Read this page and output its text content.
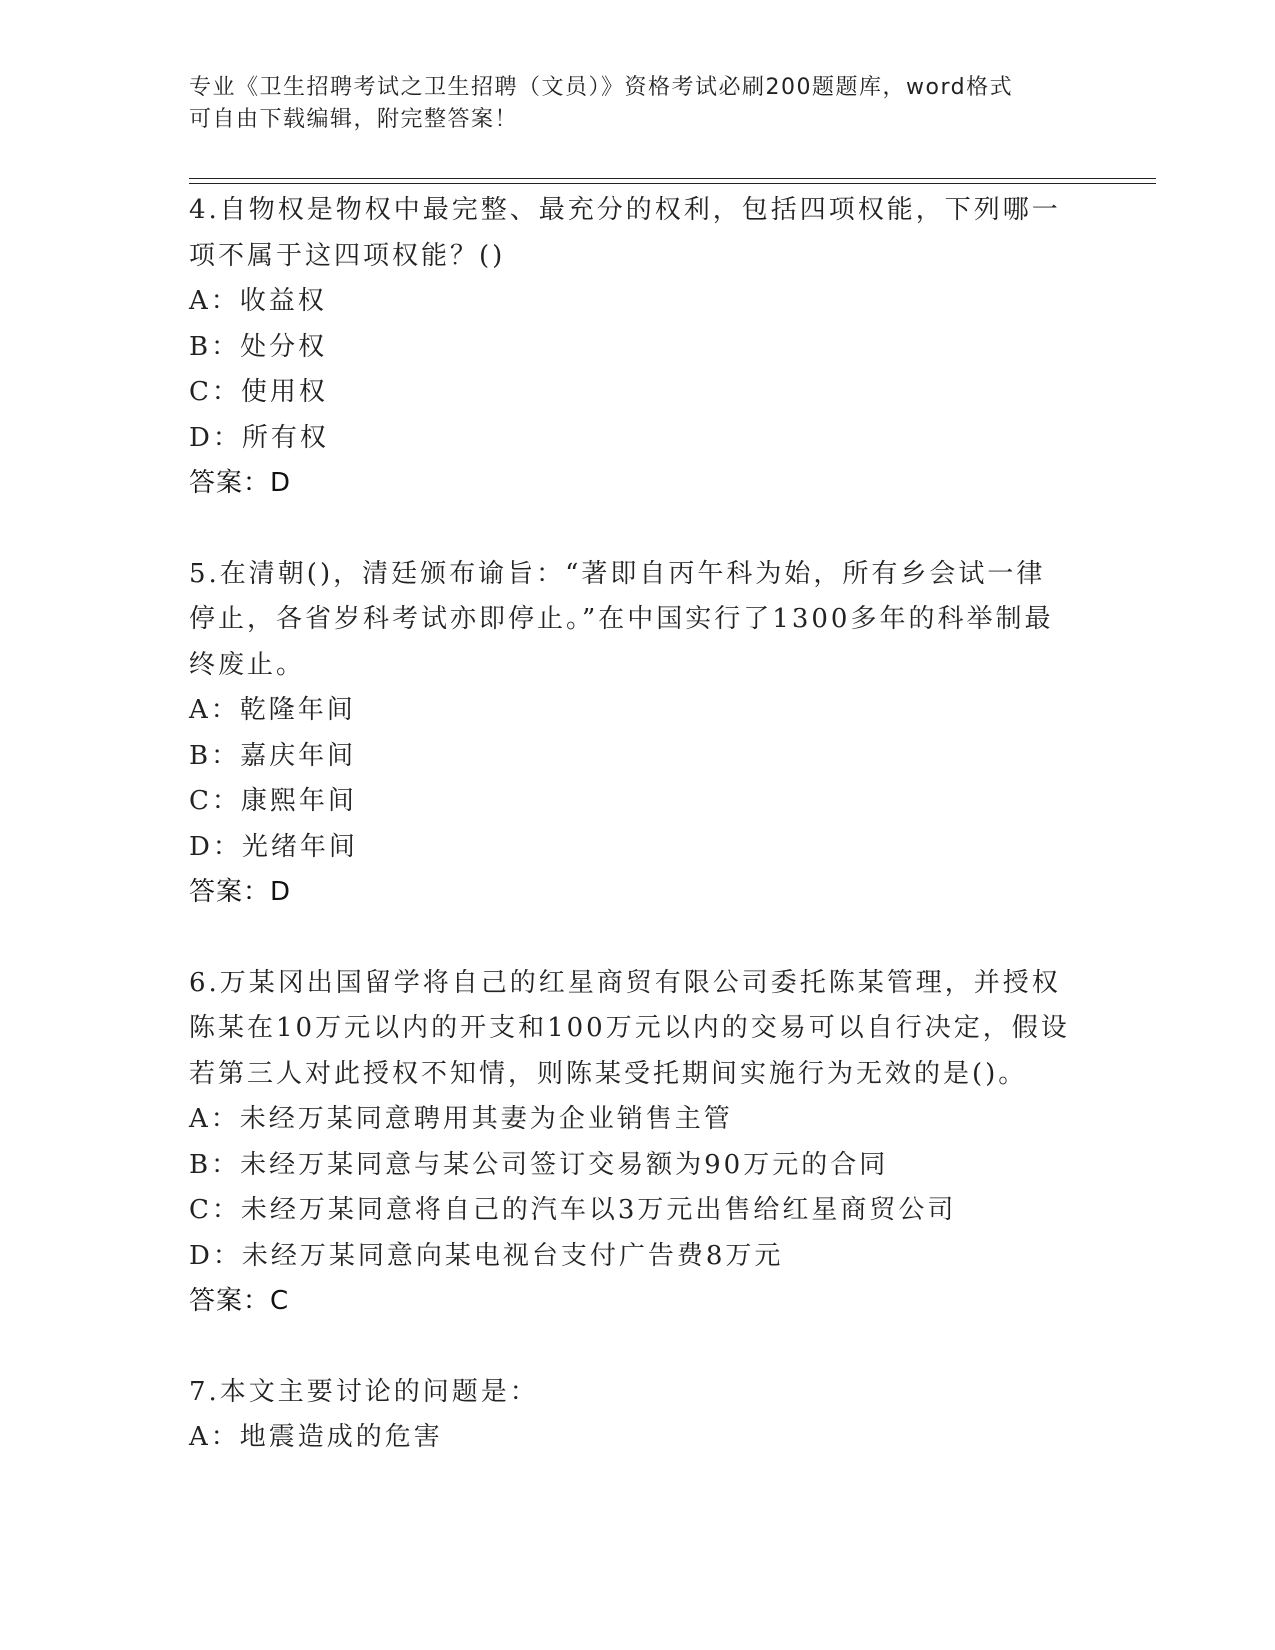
专业《卫生招聘考试之卫生招聘（文员）》资格考试必刷200题题库，word格式
可自由下载编辑，附完整答案！
4.自物权是物权中最完整、最充分的权利，包括四项权能，下列哪一
项不属于这四项权能？()
A：收益权
B：处分权
C：使用权
D：所有权
答案：D
5.在清朝()，清廷颁布谕旨：“著即自丙午科为始，所有乡会试一律
停止，各省岁科考试亦即停止。”在中国实行了1300多年的科举制最
终废止。
A：乾隆年间
B：嘉庆年间
C：康熙年间
D：光绪年间
答案：D
6.万某冈出国留学将自己的红星商贸有限公司委托陈某管理，并授权
陈某在10万元以内的开支和100万元以内的交易可以自行决定，假设
若第三人对此授权不知情，则陈某受托期间实施行为无效的是()。
A：未经万某同意聘用其妻为企业销售主管
B：未经万某同意与某公司签订交易额为90万元的合同
C：未经万某同意将自己的汽车以3万元出售给红星商贸公司
D：未经万某同意向某电视台支付广告费8万元
答案：C
7.本文主要讨论的问题是：
A：地震造成的危害
